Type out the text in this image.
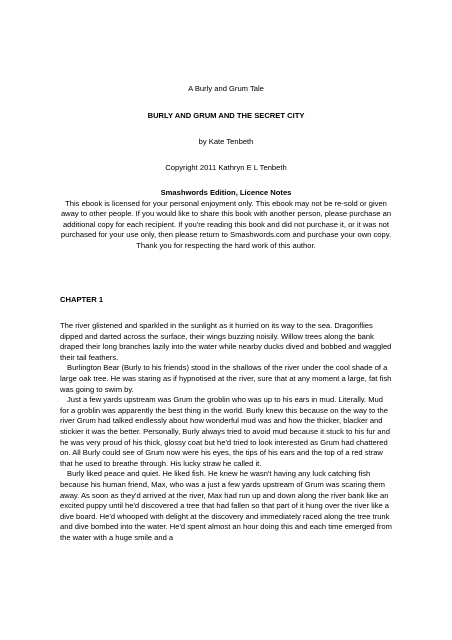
A Burly and Grum Tale
BURLY AND GRUM AND THE SECRET CITY
by Kate Tenbeth
Copyright 2011 Kathryn E L Tenbeth

Smashwords Edition, Licence Notes

This ebook is licensed for your personal enjoyment only. This ebook may not be re-sold or given away to other people. If you would like to share this book with another person, please purchase an additional copy for each recipient. If you're reading this book and did not purchase it, or it was not purchased for your use only, then please return to Smashwords.com and purchase your own copy. Thank you for respecting the hard work of this author.

CHAPTER 1

The river glistened and sparkled in the sunlight as it hurried on its way to the sea. Dragonflies dipped and darted across the surface, their wings buzzing noisily. Willow trees along the bank draped their long branches lazily into the water while nearby ducks dived and bobbed and waggled their tail feathers.

Burlington Bear (Burly to his friends) stood in the shallows of the river under the cool shade of a large oak tree. He was staring as if hypnotised at the river, sure that at any moment a large, fat fish was going to swim by.

Just a few yards upstream was Grum the groblin who was up to his ears in mud. Literally. Mud for a groblin was apparently the best thing in the world. Burly knew this because on the way to the river Grum had talked endlessly about how wonderful mud was and how the thicker, blacker and stickier it was the better. Personally, Burly always tried to avoid mud because it stuck to his fur and he was very proud of his thick, glossy coat but he'd tried to look interested as Grum had chattered on. All Burly could see of Grum now were his eyes, the tips of his ears and the top of a red straw that he used to breathe through. His lucky straw he called it.

Burly liked peace and quiet. He liked fish. He knew he wasn't having any luck catching fish because his human friend, Max, who was a just a few yards upstream of Grum was scaring them away. As soon as they'd arrived at the river, Max had run up and down along the river bank like an excited puppy until he'd discovered a tree that had fallen so that part of it hung over the river like a dive board. He'd whooped with delight at the discovery and immediately raced along the tree trunk and dive bombed into the water. He'd spent almost an hour doing this and each time emerged from the water with a huge smile and a
